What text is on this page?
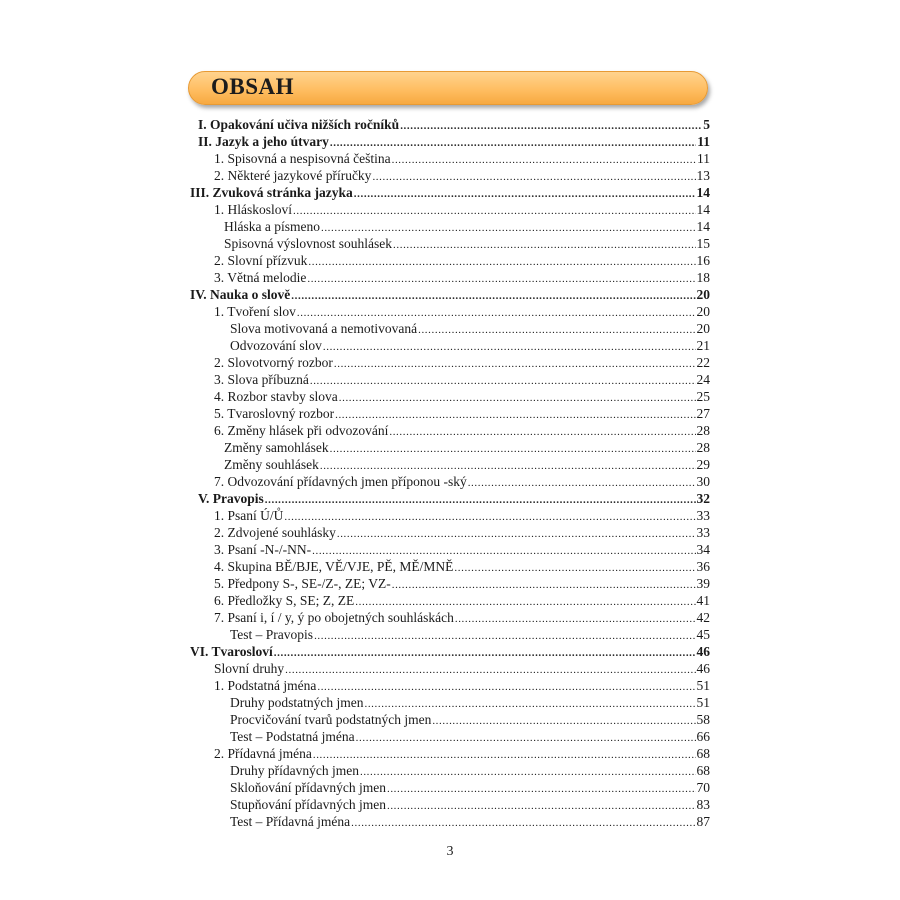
OBSAH
I. Opakování učiva nižších ročníků .....	5
II. Jazyk a jeho útvary .....	11
1. Spisovná a nespisovná čeština .....	11
2. Některé jazykové příručky .....	13
III. Zvuková stránka jazyka .....	14
1. Hláskosloví .....	14
Hláska a písmeno .....	14
Spisovná výslovnost souhlásek .....	15
2. Slovní přízvuk .....	16
3. Větná melodie .....	18
IV. Nauka o slově .....	20
1. Tvoření slov .....	20
Slova motivovaná a nemotivovaná .....	20
Odvozování slov .....	21
2. Slovotvorný rozbor .....	22
3. Slova příbuzná .....	24
4. Rozbor stavby slova .....	25
5. Tvaroslovný rozbor .....	27
6. Změny hlásek při odvozování .....	28
Změny samohlásek .....	28
Změny souhlásek .....	29
7. Odvozování přídavných jmen příponou -ský .....	30
V. Pravopis .....	32
1. Psaní Ú/Ů .....	33
2. Zdvojené souhlásky .....	33
3. Psaní -N-/-NN- .....	34
4. Skupina BĚ/BJE, VĚ/VJE, PĚ, MĚ/MNĚ .....	36
5. Předpony S-, SE-/Z-, ZE; VZ- .....	39
6. Předložky S, SE; Z, ZE .....	41
7. Psaní i, í / y, ý po obojetných souhláskách .....	42
Test – Pravopis .....	45
VI. Tvarosloví .....	46
Slovní druhy .....	46
1. Podstatná jména .....	51
Druhy podstatných jmen .....	51
Procvičování tvarů podstatných jmen .....	58
Test – Podstatná jména .....	66
2. Přídavná jména .....	68
Druhy přídavných jmen .....	68
Skloňování přídavných jmen .....	70
Stupňování přídavných jmen .....	83
Test – Přídavná jména .....	87
3
